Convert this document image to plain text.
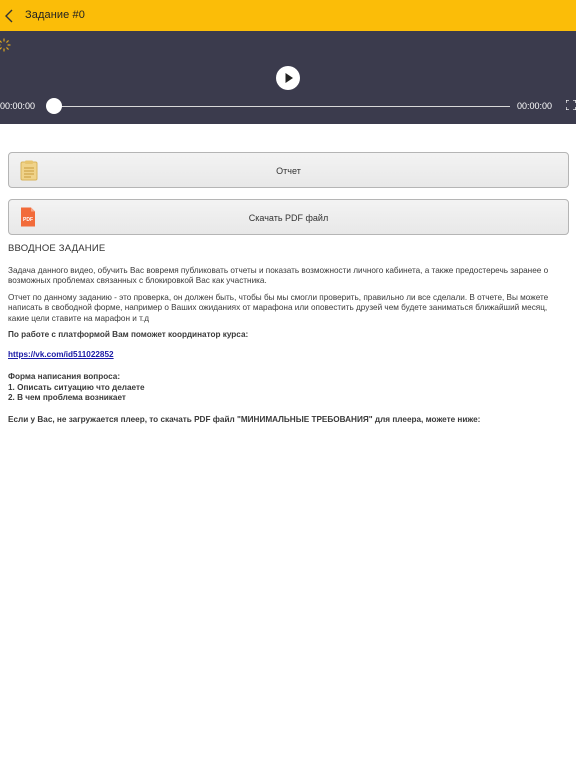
Задание #0
00:00:00	00:00:00
Отчет
PDF	Скачать PDF файл

ВВОДНОЕ ЗАДАНИЕ

Задача данного видео, обучить Вас вовремя публиковать отчеты и показать возможности личного кабинета, а также предостеречь заранее о возможных проблемах связанных с блокировкой Вас как участника.

Отчет по данному заданию - это проверка, он должен быть, чтобы бы мы смогли проверить, правильно ли все сделали. В отчете, Вы можете написать в свободной форме, например о Ваших ожиданиях от марафона или оповестить друзей чем будете заниматься ближайший месяц, какие цели ставите на марафон и т.д

По работе с платформой Вам поможет координатор курса:

https://vk.com/id511022852

Форма написания вопроса:
1. Описать ситуацию что делаете
2. В чем проблема возникает

Если у Вас, не загружается плеер, то скачать PDF файл "МИНИМАЛЬНЫЕ ТРЕБОВАНИЯ" для плеера, можете ниже:
